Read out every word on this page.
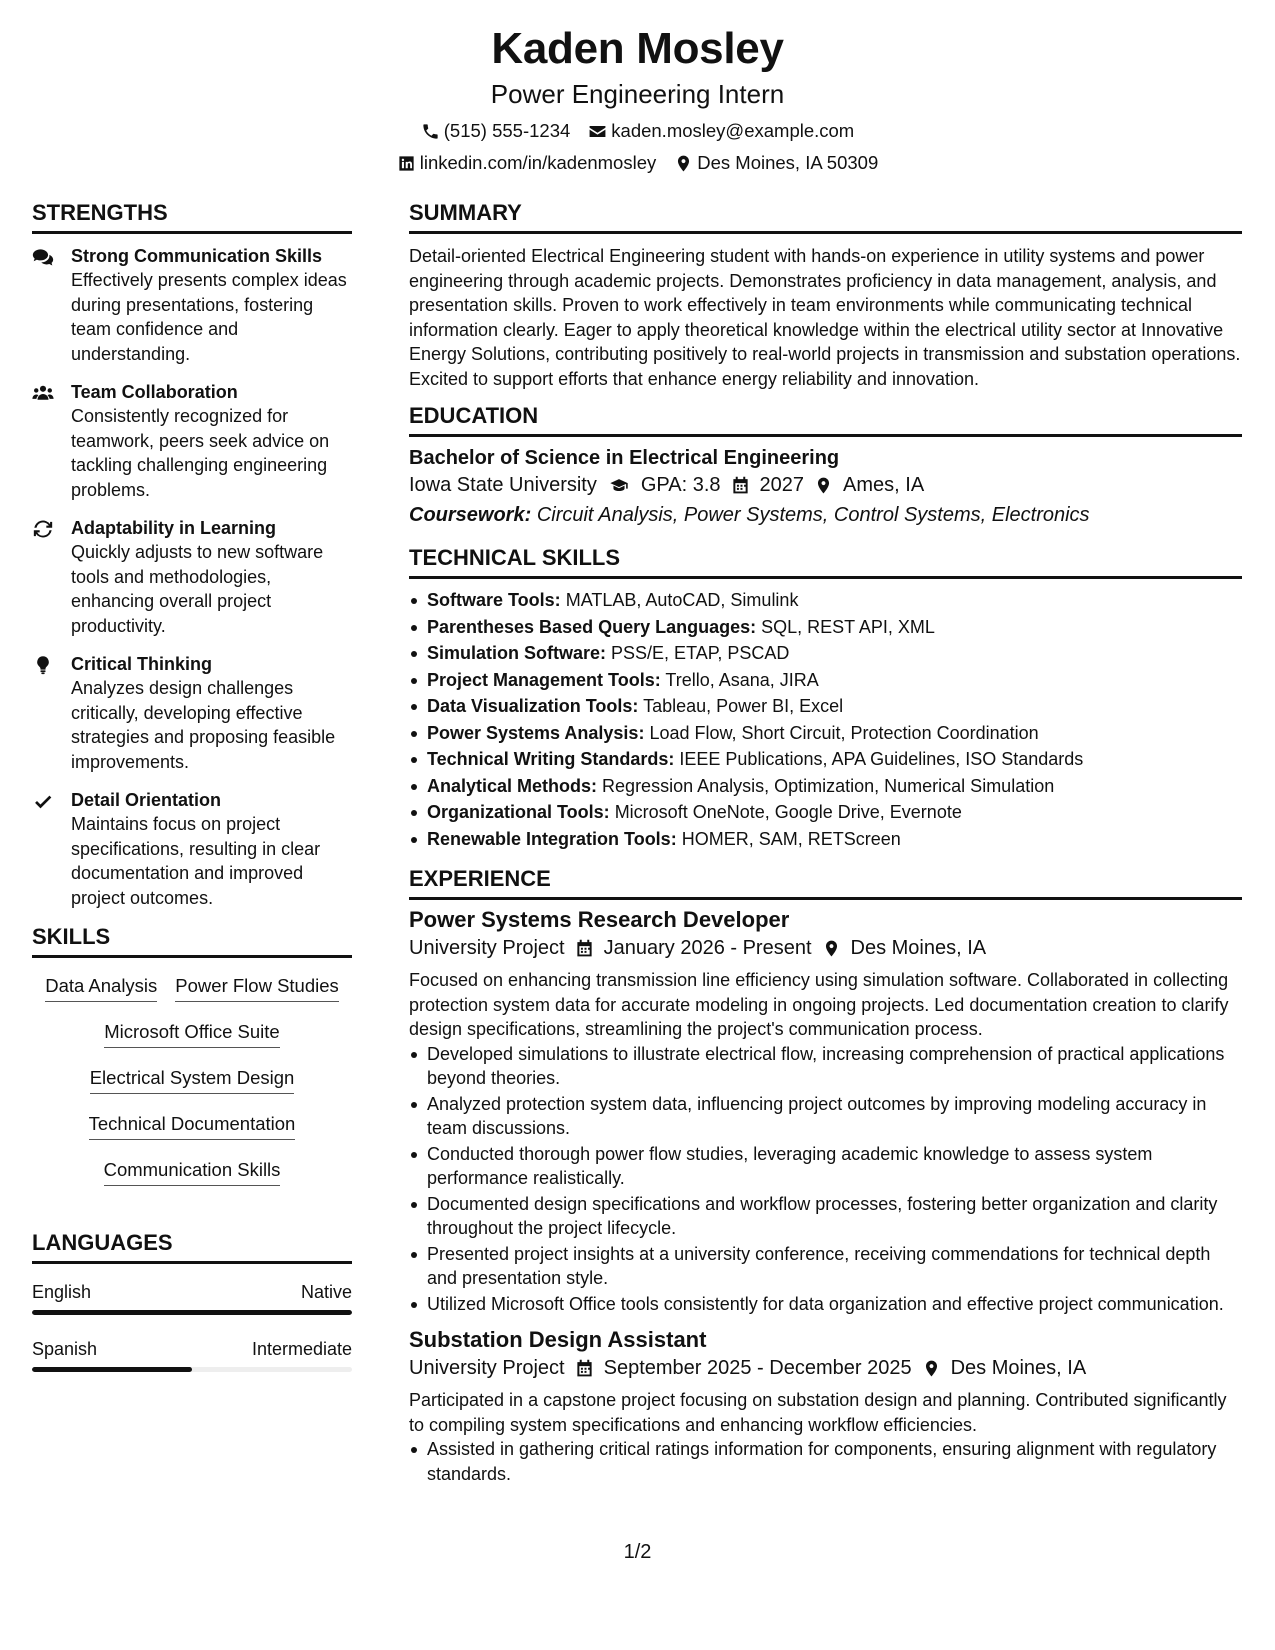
Kaden Mosley
Power Engineering Intern
(515) 555-1234 kaden.mosley@example.com
linkedin.com/in/kadenmosley Des Moines, IA 50309
STRENGTHS
Strong Communication Skills
Effectively presents complex ideas during presentations, fostering team confidence and understanding.
Team Collaboration
Consistently recognized for teamwork, peers seek advice on tackling challenging engineering problems.
Adaptability in Learning
Quickly adjusts to new software tools and methodologies, enhancing overall project productivity.
Critical Thinking
Analyzes design challenges critically, developing effective strategies and proposing feasible improvements.
Detail Orientation
Maintains focus on project specifications, resulting in clear documentation and improved project outcomes.
SKILLS
Data Analysis Power Flow Studies
Microsoft Office Suite
Electrical System Design
Technical Documentation
Communication Skills
LANGUAGES
English	Native
Spanish	Intermediate
SUMMARY
Detail-oriented Electrical Engineering student with hands-on experience in utility systems and power engineering through academic projects. Demonstrates proficiency in data management, analysis, and presentation skills. Proven to work effectively in team environments while communicating technical information clearly. Eager to apply theoretical knowledge within the electrical utility sector at Innovative Energy Solutions, contributing positively to real-world projects in transmission and substation operations. Excited to support efforts that enhance energy reliability and innovation.
EDUCATION
Bachelor of Science in Electrical Engineering
Iowa State University GPA: 3.8 2027 Ames, IA
Coursework: Circuit Analysis, Power Systems, Control Systems, Electronics
TECHNICAL SKILLS
Software Tools: MATLAB, AutoCAD, Simulink
Parentheses Based Query Languages: SQL, REST API, XML
Simulation Software: PSS/E, ETAP, PSCAD
Project Management Tools: Trello, Asana, JIRA
Data Visualization Tools: Tableau, Power BI, Excel
Power Systems Analysis: Load Flow, Short Circuit, Protection Coordination
Technical Writing Standards: IEEE Publications, APA Guidelines, ISO Standards
Analytical Methods: Regression Analysis, Optimization, Numerical Simulation
Organizational Tools: Microsoft OneNote, Google Drive, Evernote
Renewable Integration Tools: HOMER, SAM, RETScreen
EXPERIENCE
Power Systems Research Developer
University Project January 2026 - Present Des Moines, IA
Focused on enhancing transmission line efficiency using simulation software. Collaborated in collecting protection system data for accurate modeling in ongoing projects. Led documentation creation to clarify design specifications, streamlining the project's communication process.
Developed simulations to illustrate electrical flow, increasing comprehension of practical applications beyond theories.
Analyzed protection system data, influencing project outcomes by improving modeling accuracy in team discussions.
Conducted thorough power flow studies, leveraging academic knowledge to assess system performance realistically.
Documented design specifications and workflow processes, fostering better organization and clarity throughout the project lifecycle.
Presented project insights at a university conference, receiving commendations for technical depth and presentation style.
Utilized Microsoft Office tools consistently for data organization and effective project communication.
Substation Design Assistant
University Project September 2025 - December 2025 Des Moines, IA
Participated in a capstone project focusing on substation design and planning. Contributed significantly to compiling system specifications and enhancing workflow efficiencies.
Assisted in gathering critical ratings information for components, ensuring alignment with regulatory standards.
1/2
